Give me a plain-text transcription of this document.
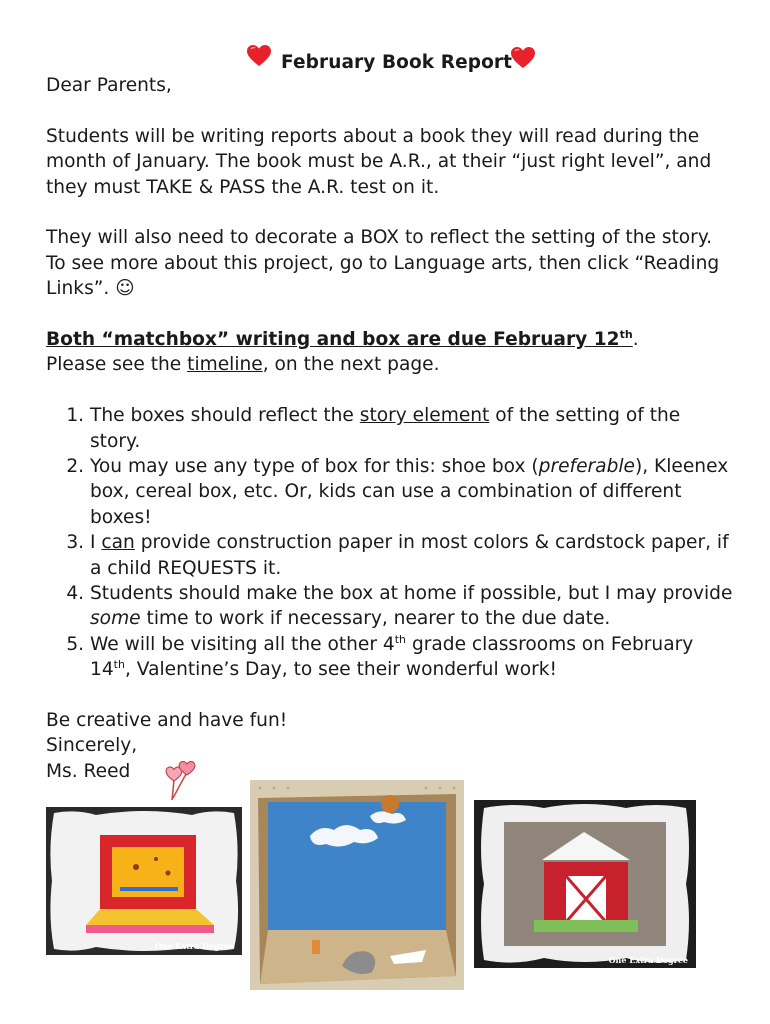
February Book Report

Dear Parents,

Students will be writing reports about a book they will read during the month of January. The book must be A.R., at their “just right level”, and they must TAKE & PASS the A.R. test on it.

They will also need to decorate a BOX to reflect the setting of the story.

To see more about this project, go to Language arts, then click “Reading Links”. ☺

Both “matchbox” writing and box are due February 12th.

Please see the timeline, on the next page.

1. The boxes should reflect the story element of the setting of the story.
2. You may use any type of box for this: shoe box (preferable), Kleenex box, cereal box, etc. Or, kids can use a combination of different boxes!
3. I can provide construction paper in most colors & cardstock paper, if a child REQUESTS it.
4. Students should make the box at home if possible, but I may provide some time to work if necessary, nearer to the due date.
5. We will be visiting all the other 4th grade classrooms on February 14th, Valentine’s Day, to see their wonderful work!

Be creative and have fun!

Sincerely,

Ms. Reed

One Extra Degree
One Extra Degree
